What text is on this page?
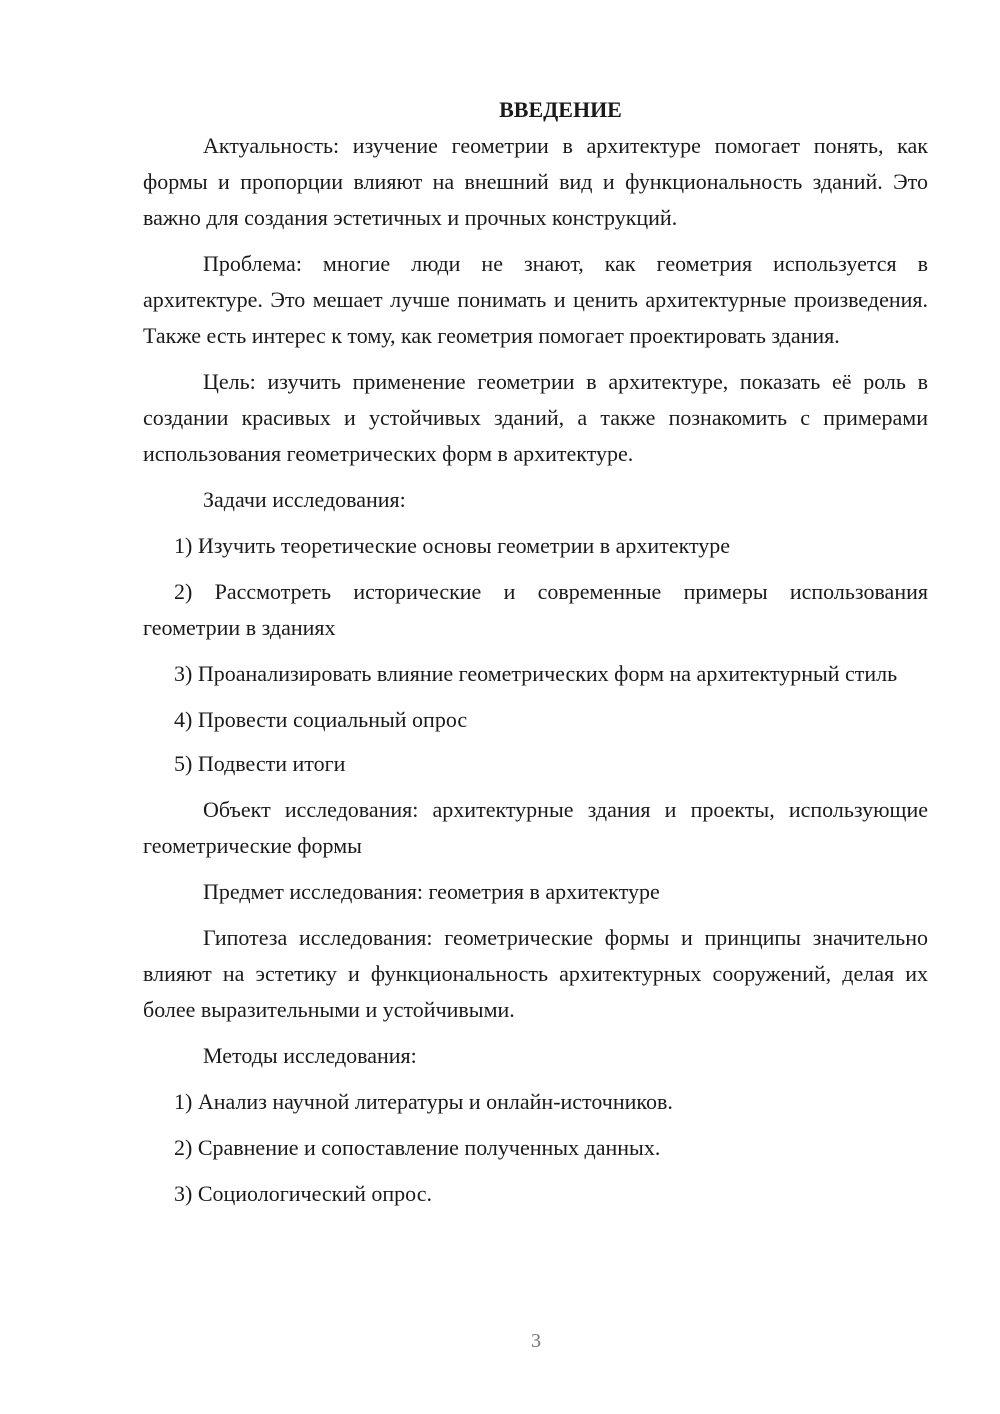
ВВЕДЕНИЕ

Актуальность: изучение геометрии в архитектуре помогает понять, как формы и пропорции влияют на внешний вид и функциональность зданий. Это важно для создания эстетичных и прочных конструкций.

Проблема: многие люди не знают, как геометрия используется в архитектуре. Это мешает лучше понимать и ценить архитектурные произведения. Также есть интерес к тому, как геометрия помогает проектировать здания.

Цель: изучить применение геометрии в архитектуре, показать её роль в создании красивых и устойчивых зданий, а также познакомить с примерами использования геометрических форм в архитектуре.

Задачи исследования:

1) Изучить теоретические основы геометрии в архитектуре

2) Рассмотреть исторические и современные примеры использования геометрии в зданиях

3) Проанализировать влияние геометрических форм на архитектурный стиль

4) Провести социальный опрос

5) Подвести итоги

Объект исследования: архитектурные здания и проекты, использующие геометрические формы

Предмет исследования: геометрия в архитектуре

Гипотеза исследования: геометрические формы и принципы значительно влияют на эстетику и функциональность архитектурных сооружений, делая их более выразительными и устойчивыми.

Методы исследования:

1) Анализ научной литературы и онлайн-источников.

2) Сравнение и сопоставление полученных данных.

3) Социологический опрос.

3
